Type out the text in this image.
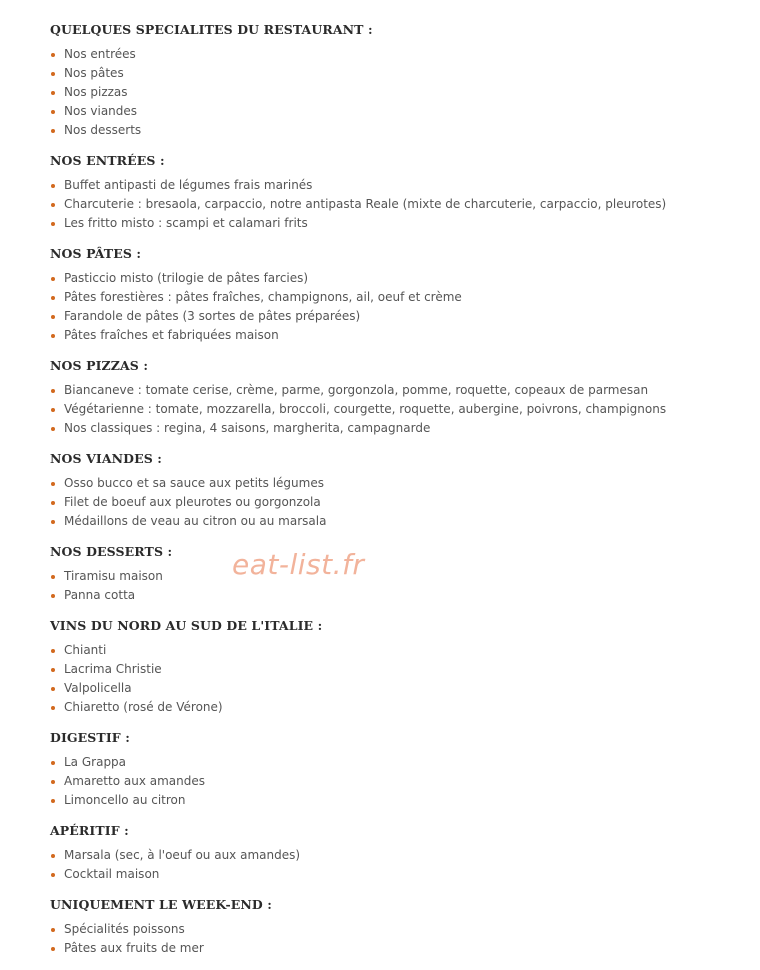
QUELQUES SPECIALITES DU RESTAURANT :
Nos entrées
Nos pâtes
Nos pizzas
Nos viandes
Nos desserts
NOS ENTRÉES :
Buffet antipasti de légumes frais marinés
Charcuterie : bresaola, carpaccio, notre antipasta Reale (mixte de charcuterie, carpaccio, pleurotes)
Les fritto misto : scampi et calamari frits
NOS PÂTES :
Pasticcio misto (trilogie de pâtes farcies)
Pâtes forestières : pâtes fraîches, champignons, ail, oeuf et crème
Farandole de pâtes (3 sortes de pâtes préparées)
Pâtes fraîches et fabriquées maison
NOS PIZZAS :
Biancaneve : tomate cerise, crème, parme, gorgonzola, pomme, roquette, copeaux de parmesan
Végétarienne : tomate, mozzarella, broccoli, courgette, roquette, aubergine, poivrons, champignons
Nos classiques : regina, 4 saisons, margherita, campagnarde
NOS VIANDES :
Osso bucco et sa sauce aux petits légumes
Filet de boeuf aux pleurotes ou gorgonzola
Médaillons de veau au citron ou au marsala
NOS DESSERTS :
Tiramisu maison
Panna cotta
VINS DU NORD AU SUD DE L'ITALIE :
Chianti
Lacrima Christie
Valpolicella
Chiaretto (rosé de Vérone)
DIGESTIF :
La Grappa
Amaretto aux amandes
Limoncello au citron
APÉRITIF :
Marsala (sec, à l'oeuf ou aux amandes)
Cocktail maison
UNIQUEMENT LE WEEK-END :
Spécialités poissons
Pâtes aux fruits de mer
eat-list.fr
